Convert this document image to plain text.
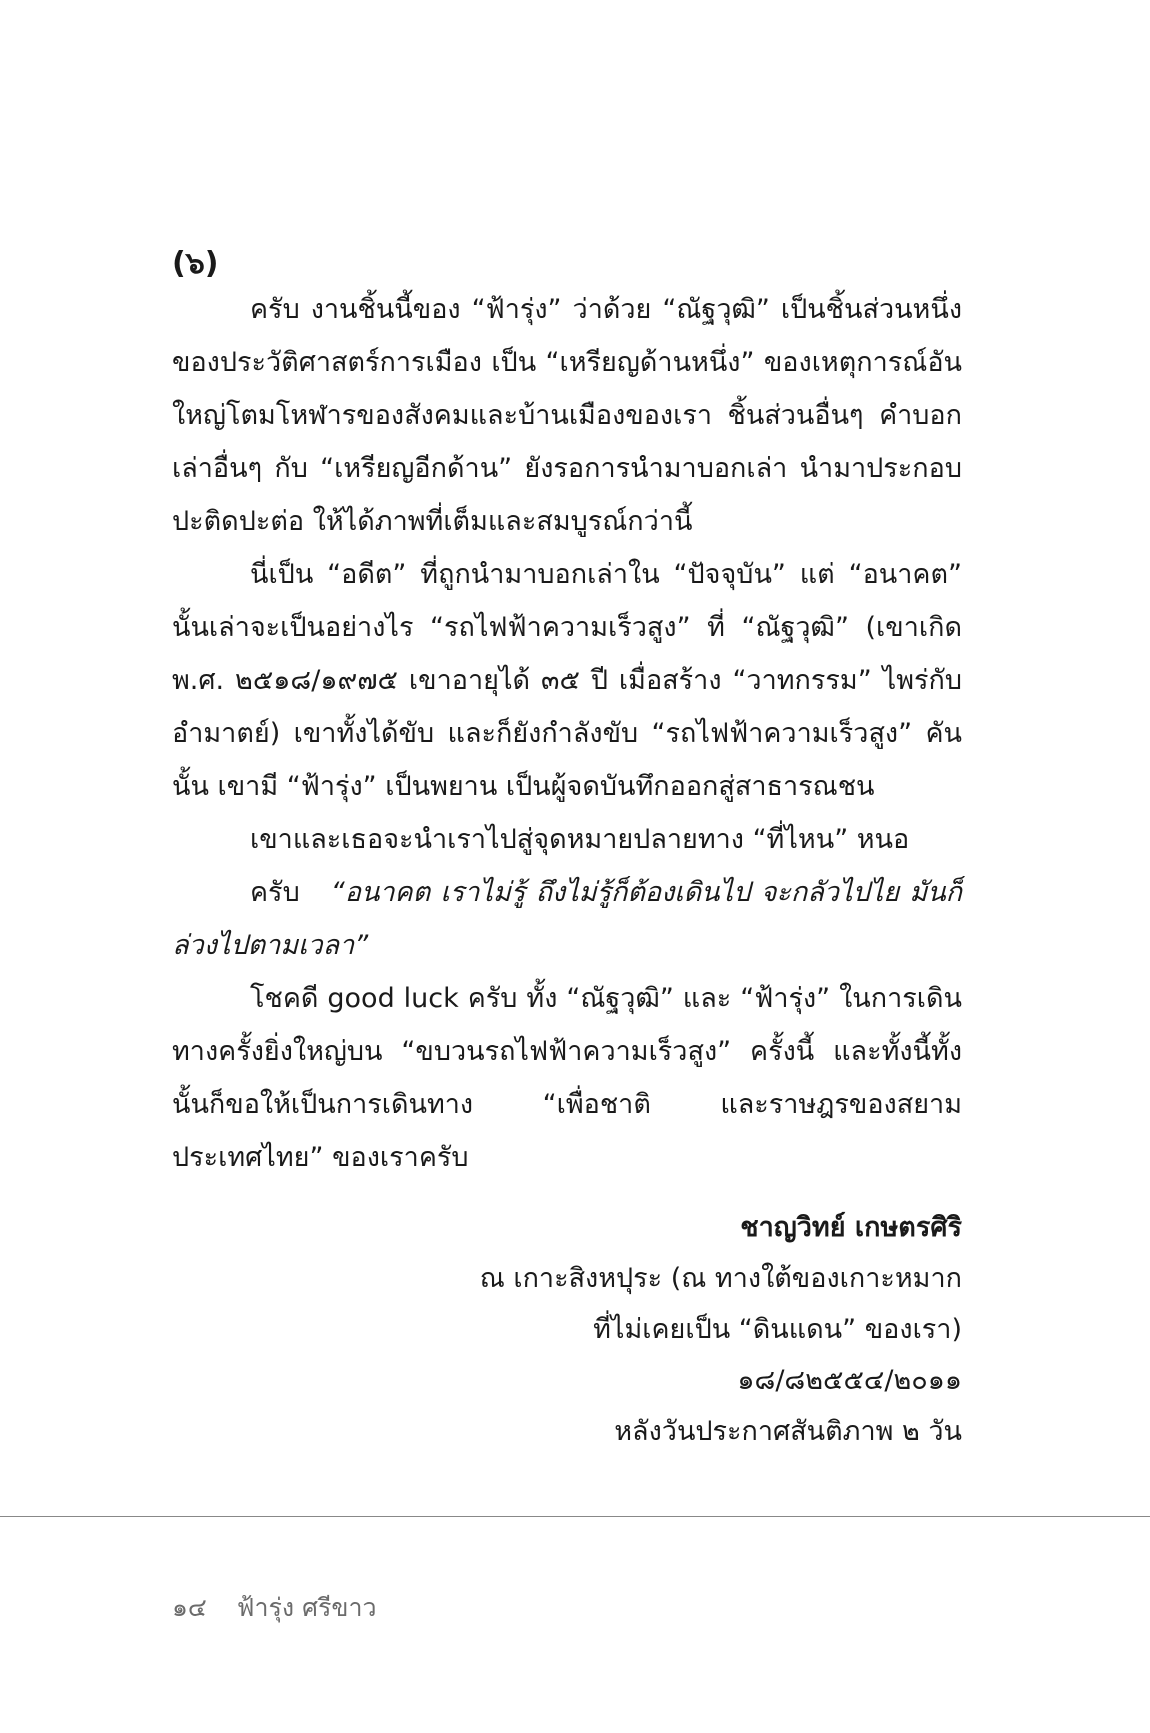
(๖)

ครับ งานชิ้นนี้ของ “ฟ้ารุ่ง” ว่าด้วย “ณัฐวุฒิ” เป็นชิ้นส่วนหนึ่งของประวัติศาสตร์การเมือง เป็น “เหรียญด้านหนึ่ง” ของเหตุการณ์อันใหญ่โตมโหฬารของสังคมและบ้านเมืองของเรา ชิ้นส่วนอื่นๆ คำบอกเล่าอื่นๆ กับ “เหรียญอีกด้าน” ยังรอการนำมาบอกเล่า นำมาประกอบ ปะติดปะต่อ ให้ได้ภาพที่เต็มและสมบูรณ์กว่านี้

นี่เป็น “อดีต” ที่ถูกนำมาบอกเล่าใน “ปัจจุบัน” แต่ “อนาคต” นั้นเล่าจะเป็นอย่างไร “รถไฟฟ้าความเร็วสูง” ที่ “ณัฐวุฒิ” (เขาเกิด พ.ศ. ๒๕๑๘/๑๙๗๕ เขาอายุได้ ๓๕ ปี เมื่อสร้าง “วาทกรรม” ไพร่กับอำมาตย์) เขาทั้งได้ขับ และก็ยังกำลังขับ “รถไฟฟ้าความเร็วสูง” คันนั้น เขามี “ฟ้ารุ่ง” เป็นพยาน เป็นผู้จดบันทึกออกสู่สาธารณชน

เขาและเธอจะนำเราไปสู่จุดหมายปลายทาง “ที่ไหน” หนอ

ครับ “อนาคต เราไม่รู้ ถึงไม่รู้ก็ต้องเดินไป จะกลัวไปไย มันก็ล่วงไปตามเวลา”

โชคดี good luck ครับ ทั้ง “ณัฐวุฒิ” และ “ฟ้ารุ่ง” ในการเดินทางครั้งยิ่งใหญ่บน “ขบวนรถไฟฟ้าความเร็วสูง” ครั้งนี้ และทั้งนี้ทั้งนั้นก็ขอให้เป็นการเดินทาง “เพื่อชาติ และราษฎรของสยามประเทศไทย” ของเราครับ

ชาญวิทย์ เกษตรศิริ
ณ เกาะสิงหปุระ (ณ ทางใต้ของเกาะหมาก
ที่ไม่เคยเป็น “ดินแดน” ของเรา)
๑๘/๘๒๕๕๔/๒๐๑๑
หลังวันประกาศสันติภาพ ๒ วัน
๑๔ ฟ้ารุ่ง ศรีขาว
